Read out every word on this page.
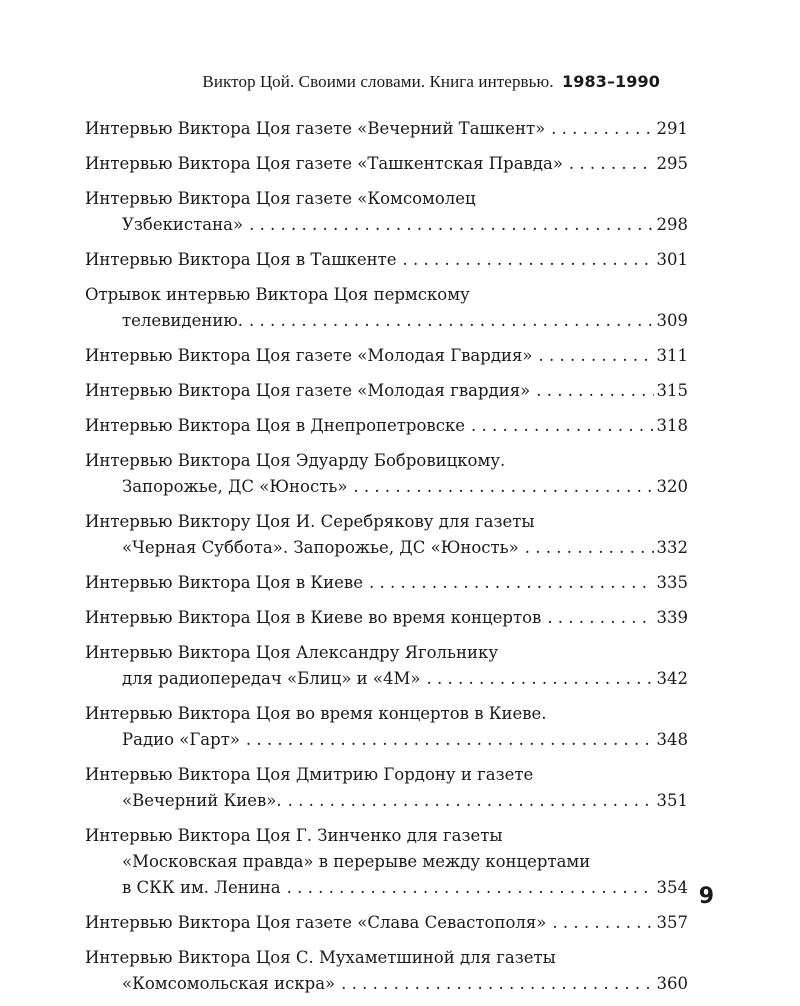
Виктор Цой. Своими словами. Книга интервью. 1983–1990
Интервью Виктора Цоя газете «Вечерний Ташкент» . . .	291
Интервью Виктора Цоя газете «Ташкентская Правда» . . .	295
Интервью Виктора Цоя газете «Комсомолец
Узбекистана» . . .	298
Интервью Виктора Цоя в Ташкенте . . .	301
Отрывок интервью Виктора Цоя пермскому
телевидению. . . .	309
Интервью Виктора Цоя газете «Молодая Гвардия» . . .	311
Интервью Виктора Цоя газете «Молодая гвардия» . . .	315
Интервью Виктора Цоя в Днепропетровске . . .	318
Интервью Виктора Цоя Эдуарду Бобровицкому.
Запорожье, ДС «Юность» . . .	320
Интервью Виктору Цоя И. Серебрякову для газеты
«Черная Суббота». Запорожье, ДС «Юность» . . .	332
Интервью Виктора Цоя в Киеве . . .	335
Интервью Виктора Цоя в Киеве во время концертов . . .	339
Интервью Виктора Цоя Александру Ягольнику
для радиопередач «Блиц» и «4М» . . .	342
Интервью Виктора Цоя во время концертов в Киеве.
Радио «Гарт» . . .	348
Интервью Виктора Цоя Дмитрию Гордону и газете
«Вечерний Киев». . . .	351
Интервью Виктора Цоя Г. Зинченко для газеты
«Московская правда» в перерыве между концертами
в СКК им. Ленина . . .	354
Интервью Виктора Цоя газете «Слава Севастополя» . . .	357
Интервью Виктора Цоя С. Мухаметшиной для газеты
«Комсомольская искра» . . .	360
9
